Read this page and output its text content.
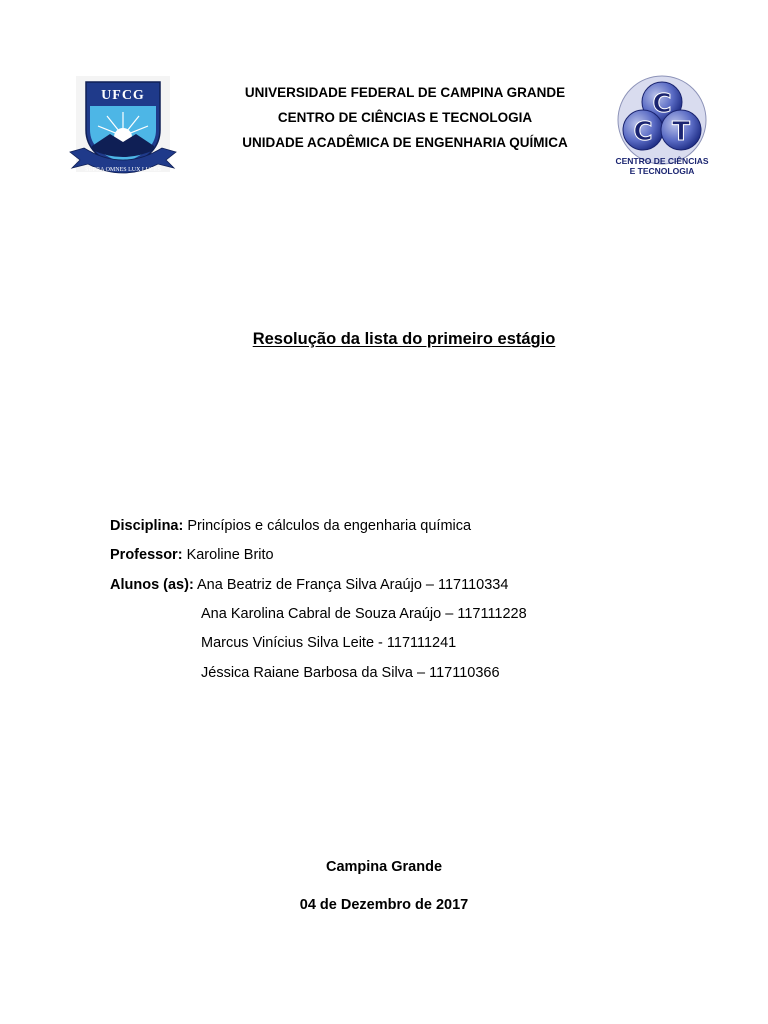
UFCG
SUPRA OMNES LUX LUCES
C
C T
CENTRO DE CIÊNCIAS
E TECNOLOGIA
UNIVERSIDADE FEDERAL DE CAMPINA GRANDE
CENTRO DE CIÊNCIAS E TECNOLOGIA
UNIDADE ACADÊMICA DE ENGENHARIA QUÍMICA
Resolução da lista do primeiro estágio
Disciplina: Princípios e cálculos da engenharia química
Professor: Karoline Brito
Alunos (as): Ana Beatriz de França Silva Araújo – 117110334
Ana Karolina Cabral de Souza Araújo – 117111228
Marcus Vinícius Silva Leite - 117111241
Jéssica Raiane Barbosa da Silva – 117110366
Campina Grande
04 de Dezembro de 2017
